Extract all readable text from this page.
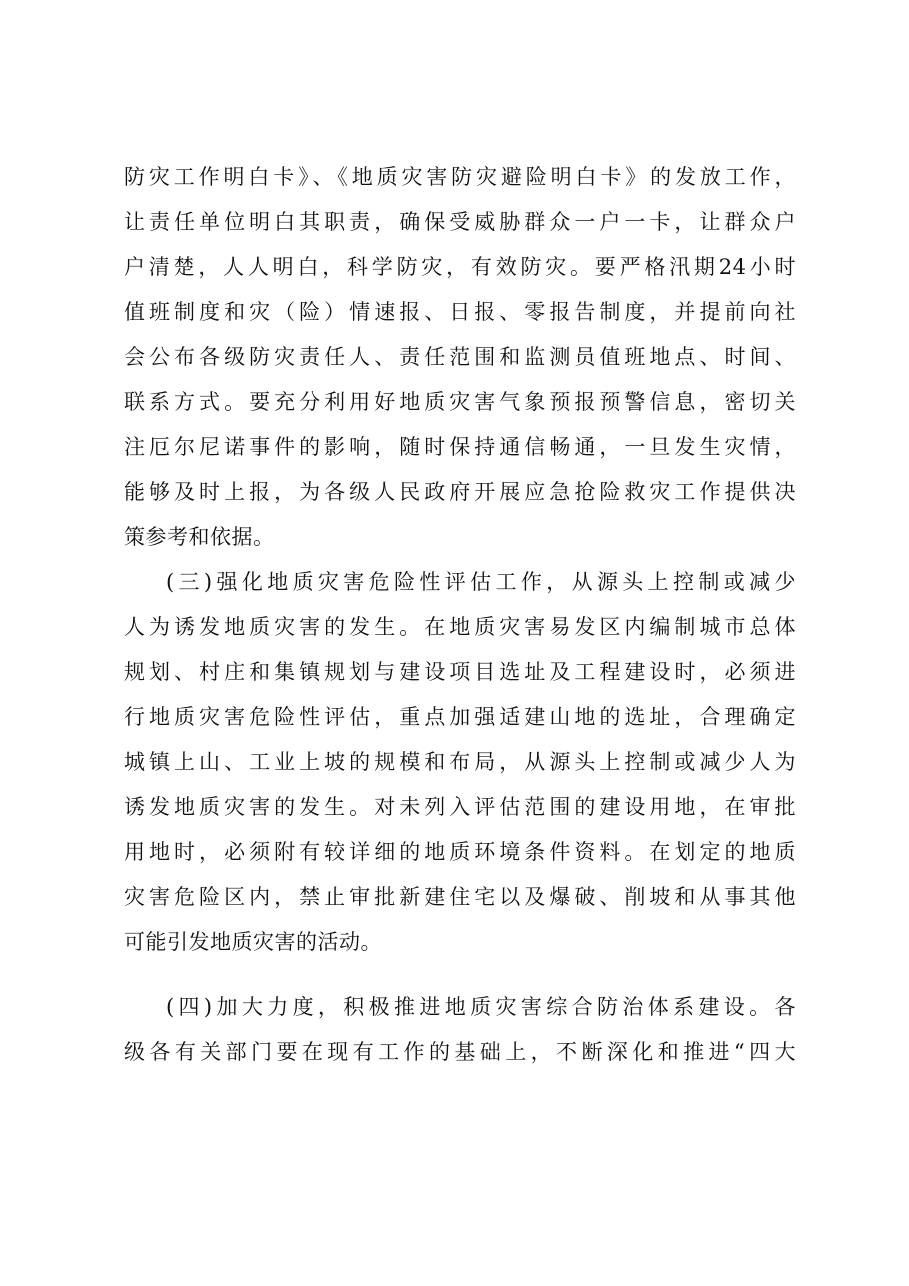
防灾工作明白卡》、《地质灾害防灾避险明白卡》的发放工作，
让责任单位明白其职责，确保受威胁群众一户一卡，让群众户
户清楚，人人明白，科学防灾，有效防灾。要严格汛期24小时
值班制度和灾（险）情速报、日报、零报告制度，并提前向社
会公布各级防灾责任人、责任范围和监测员值班地点、时间、
联系方式。要充分利用好地质灾害气象预报预警信息，密切关
注厄尔尼诺事件的影响，随时保持通信畅通，一旦发生灾情，
能够及时上报，为各级人民政府开展应急抢险救灾工作提供决
策参考和依据。
(三)强化地质灾害危险性评估工作，从源头上控制或减少
人为诱发地质灾害的发生。在地质灾害易发区内编制城市总体
规划、村庄和集镇规划与建设项目选址及工程建设时，必须进
行地质灾害危险性评估，重点加强适建山地的选址，合理确定
城镇上山、工业上坡的规模和布局，从源头上控制或减少人为
诱发地质灾害的发生。对未列入评估范围的建设用地，在审批
用地时，必须附有较详细的地质环境条件资料。在划定的地质
灾害危险区内，禁止审批新建住宅以及爆破、削坡和从事其他
可能引发地质灾害的活动。
(四)加大力度，积极推进地质灾害综合防治体系建设。各
级各有关部门要在现有工作的基础上，不断深化和推进“四大
